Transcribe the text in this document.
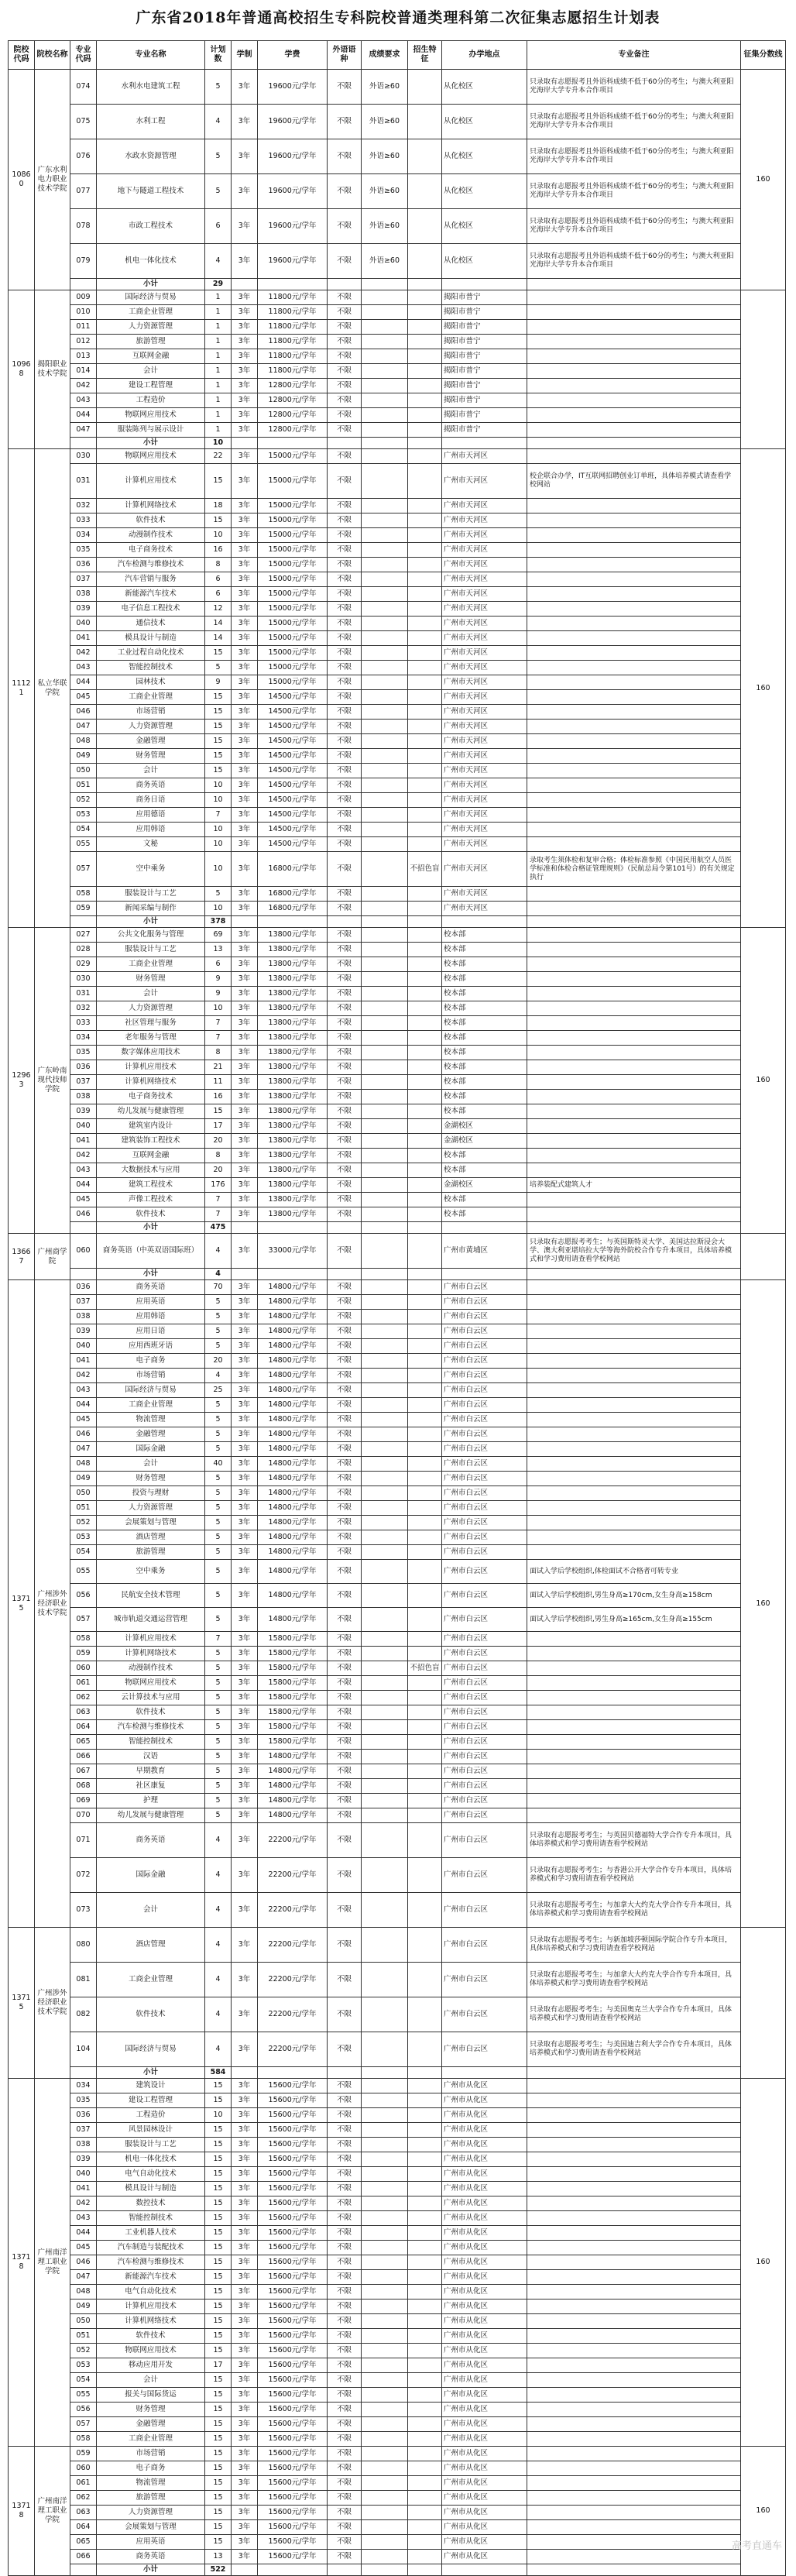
广东省2018年普通高校招生专科院校普通类理科第二次征集志愿招生计划表
院校代码	院校名称	专业代码	专业名称	计划数	学制	学费	外语语种	成绩要求	招生特征	办学地点	专业备注	征集分数线
10860	广东水利电力职业技术学院	074	水利水电建筑工程	5	3年	19600元/学年	不限	外语≥60		从化校区	只录取有志愿报考且外语科成绩不低于60分的考生；与澳大利亚阳光海岸大学专升本合作项目	160
		075	水利工程	4	3年	19600元/学年	不限	外语≥60		从化校区	只录取有志愿报考且外语科成绩不低于60分的考生；与澳大利亚阳光海岸大学专升本合作项目	
		076	水政水资源管理	5	3年	19600元/学年	不限	外语≥60		从化校区	只录取有志愿报考且外语科成绩不低于60分的考生；与澳大利亚阳光海岸大学专升本合作项目	
		077	地下与隧道工程技术	5	3年	19600元/学年	不限	外语≥60		从化校区	只录取有志愿报考且外语科成绩不低于60分的考生；与澳大利亚阳光海岸大学专升本合作项目	
		078	市政工程技术	6	3年	19600元/学年	不限	外语≥60		从化校区	只录取有志愿报考且外语科成绩不低于60分的考生；与澳大利亚阳光海岸大学专升本合作项目	
		079	机电一体化技术	4	3年	19600元/学年	不限	外语≥60		从化校区	只录取有志愿报考且外语科成绩不低于60分的考生；与澳大利亚阳光海岸大学专升本合作项目	
			小计	29								
10968	揭阳职业技术学院	009	国际经济与贸易	1	3年	11800元/学年	不限			揭阳市普宁		
		010	工商企业管理	1	3年	11800元/学年	不限			揭阳市普宁		
		011	人力资源管理	1	3年	11800元/学年	不限			揭阳市普宁		
		012	旅游管理	1	3年	11800元/学年	不限			揭阳市普宁		
		013	互联网金融	1	3年	11800元/学年	不限			揭阳市普宁		
		014	会计	1	3年	11800元/学年	不限			揭阳市普宁		
		042	建设工程管理	1	3年	12800元/学年	不限			揭阳市普宁		
		043	工程造价	1	3年	12800元/学年	不限			揭阳市普宁		
		044	物联网应用技术	1	3年	12800元/学年	不限			揭阳市普宁		
		047	服装陈列与展示设计	1	3年	12800元/学年	不限			揭阳市普宁		
			小计	10								
11121	私立华联学院	030	物联网应用技术	22	3年	15000元/学年	不限			广州市天河区		160
		031	计算机应用技术	15	3年	15000元/学年	不限			广州市天河区	校企联合办学，IT互联网招聘创业订单班，具体培养模式请查看学校网站	
		032	计算机网络技术	18	3年	15000元/学年	不限			广州市天河区		
		033	软件技术	15	3年	15000元/学年	不限			广州市天河区		
		034	动漫制作技术	10	3年	15000元/学年	不限			广州市天河区		
		035	电子商务技术	16	3年	15000元/学年	不限			广州市天河区		
		036	汽车检测与维修技术	8	3年	15000元/学年	不限			广州市天河区		
		037	汽车营销与服务	6	3年	15000元/学年	不限			广州市天河区		
		038	新能源汽车技术	6	3年	15000元/学年	不限			广州市天河区		
		039	电子信息工程技术	12	3年	15000元/学年	不限			广州市天河区		
		040	通信技术	14	3年	15000元/学年	不限			广州市天河区		
		041	模具设计与制造	14	3年	15000元/学年	不限			广州市天河区		
		042	工业过程自动化技术	15	3年	15000元/学年	不限			广州市天河区		
		043	智能控制技术	5	3年	15000元/学年	不限			广州市天河区		
		044	园林技术	9	3年	15000元/学年	不限			广州市天河区		
		045	工商企业管理	15	3年	14500元/学年	不限			广州市天河区		
		046	市场营销	15	3年	14500元/学年	不限			广州市天河区		
		047	人力资源管理	15	3年	14500元/学年	不限			广州市天河区		
		048	金融管理	15	3年	14500元/学年	不限			广州市天河区		
		049	财务管理	15	3年	14500元/学年	不限			广州市天河区		
		050	会计	15	3年	14500元/学年	不限			广州市天河区		
		051	商务英语	10	3年	14500元/学年	不限			广州市天河区		
		052	商务日语	10	3年	14500元/学年	不限			广州市天河区		
		053	应用德语	7	3年	14500元/学年	不限			广州市天河区		
		054	应用韩语	10	3年	14500元/学年	不限			广州市天河区		
		055	文秘	10	3年	14500元/学年	不限			广州市天河区		
		057	空中乘务	10	3年	16800元/学年	不限		不招色盲	广州市天河区	录取考生须体检和复审合格；体检标准参照《中国民用航空人员医学标准和体检合格证管理规则》（民航总局令第101号）的有关规定执行	
		058	服装设计与工艺	5	3年	16800元/学年	不限			广州市天河区		
		059	新闻采编与制作	10	3年	16800元/学年	不限			广州市天河区		
			小计	378								
12963	广东岭南现代技师学院	027	公共文化服务与管理	69	3年	13800元/学年	不限			校本部		160
		028	服装设计与工艺	13	3年	13800元/学年	不限			校本部		
		029	工商企业管理	6	3年	13800元/学年	不限			校本部		
		030	财务管理	9	3年	13800元/学年	不限			校本部		
		031	会计	9	3年	13800元/学年	不限			校本部		
		032	人力资源管理	10	3年	13800元/学年	不限			校本部		
		033	社区管理与服务	7	3年	13800元/学年	不限			校本部		
		034	老年服务与管理	7	3年	13800元/学年	不限			校本部		
		035	数字媒体应用技术	8	3年	13800元/学年	不限			校本部		
		036	计算机应用技术	21	3年	13800元/学年	不限			校本部		
		037	计算机网络技术	11	3年	13800元/学年	不限			校本部		
		038	电子商务技术	16	3年	13800元/学年	不限			校本部		
		039	幼儿发展与健康管理	15	3年	13800元/学年	不限			校本部		
		040	建筑室内设计	17	3年	13800元/学年	不限			金湖校区		
		041	建筑装饰工程技术	20	3年	13800元/学年	不限			金湖校区		
		042	互联网金融	8	3年	13800元/学年	不限			校本部		
		043	大数据技术与应用	20	3年	13800元/学年	不限			校本部		
		044	建筑工程技术	176	3年	13800元/学年	不限			金湖校区	培养装配式建筑人才	
		045	声像工程技术	7	3年	13800元/学年	不限			校本部		
		046	软件技术	7	3年	13800元/学年	不限			校本部		
			小计	475								
13667	广州商学院	060	商务英语（中英双语国际班）	4	3年	33000元/学年	不限			广州市黄埔区	只录取有志愿报考考生；与英国斯特灵大学、美国达拉斯浸会大学、澳大利亚堪培拉大学等海外院校合作专升本项目，具体培养模式和学习费用请查看学校网站	
			小计	4								
13715	广州涉外经济职业技术学院	036	商务英语	70	3年	14800元/学年	不限			广州市白云区		160
		037	应用英语	5	3年	14800元/学年	不限			广州市白云区		
		038	应用韩语	5	3年	14800元/学年	不限			广州市白云区		
		039	应用日语	5	3年	14800元/学年	不限			广州市白云区		
		040	应用西班牙语	5	3年	14800元/学年	不限			广州市白云区		
		041	电子商务	20	3年	14800元/学年	不限			广州市白云区		
		042	市场营销	4	3年	14800元/学年	不限			广州市白云区		
		043	国际经济与贸易	25	3年	14800元/学年	不限			广州市白云区		
		044	工商企业管理	5	3年	14800元/学年	不限			广州市白云区		
		045	物流管理	5	3年	14800元/学年	不限			广州市白云区		
		046	金融管理	5	3年	14800元/学年	不限			广州市白云区		
		047	国际金融	5	3年	14800元/学年	不限			广州市白云区		
		048	会计	40	3年	14800元/学年	不限			广州市白云区		
		049	财务管理	5	3年	14800元/学年	不限			广州市白云区		
		050	投资与理财	5	3年	14800元/学年	不限			广州市白云区		
		051	人力资源管理	5	3年	14800元/学年	不限			广州市白云区		
		052	会展策划与管理	5	3年	14800元/学年	不限			广州市白云区		
		053	酒店管理	5	3年	14800元/学年	不限			广州市白云区		
		054	旅游管理	5	3年	14800元/学年	不限			广州市白云区		
		055	空中乘务	5	3年	14800元/学年	不限			广州市白云区	面试入学后学校组织,体检面试不合格者可转专业	
		056	民航安全技术管理	5	3年	14800元/学年	不限			广州市白云区	面试入学后学校组织,男生身高≥170cm,女生身高≥158cm	
		057	城市轨道交通运营管理	5	3年	14800元/学年	不限			广州市白云区	面试入学后学校组织,男生身高≥165cm,女生身高≥155cm	
		058	计算机应用技术	7	3年	15800元/学年	不限			广州市白云区		
		059	计算机网络技术	5	3年	15800元/学年	不限			广州市白云区		
		060	动漫制作技术	5	3年	15800元/学年	不限		不招色盲	广州市白云区		
		061	物联网应用技术	5	3年	15800元/学年	不限			广州市白云区		
		062	云计算技术与应用	5	3年	15800元/学年	不限			广州市白云区		
		063	软件技术	5	3年	15800元/学年	不限			广州市白云区		
		064	汽车检测与维修技术	5	3年	15800元/学年	不限			广州市白云区		
		065	智能控制技术	5	3年	15800元/学年	不限			广州市白云区		
		066	汉语	5	3年	14800元/学年	不限			广州市白云区		
		067	早期教育	5	3年	14800元/学年	不限			广州市白云区		
		068	社区康复	5	3年	14800元/学年	不限			广州市白云区		
		069	护理	5	3年	14800元/学年	不限			广州市白云区		
		070	幼儿发展与健康管理	5	3年	14800元/学年	不限			广州市白云区		
		071	商务英语	4	3年	22200元/学年	不限			广州市白云区	只录取有志愿报考考生；与英国贝德福特大学合作专升本项目，具体培养模式和学习费用请查看学校网站	
		072	国际金融	4	3年	22200元/学年	不限			广州市白云区	只录取有志愿报考考生；与香港公开大学合作专升本项目，具体培养模式和学习费用请查看学校网站	
		073	会计	4	3年	22200元/学年	不限			广州市白云区	只录取有志愿报考考生；与加拿大大约克大学合作专升本项目，具体培养模式和学习费用请查看学校网站	
13715	广州涉外经济职业技术学院	080	酒店管理	4	3年	22200元/学年	不限			广州市白云区	只录取有志愿报考考生；与新加坡莎顿国际学院合作专升本项目，具体培养模式和学习费用请查看学校网站	
		081	工商企业管理	4	3年	22200元/学年	不限			广州市白云区	只录取有志愿报考考生；与加拿大大约克大学合作专升本项目，具体培养模式和学习费用请查看学校网站	
		082	软件技术	4	3年	22200元/学年	不限			广州市白云区	只录取有志愿报考考生；与美国奥克兰大学合作专升本项目，具体培养模式和学习费用请查看学校网站	
		104	国际经济与贸易	4	3年	22200元/学年	不限			广州市白云区	只录取有志愿报考考生；与美国迪吉利大学合作专升本项目，具体培养模式和学习费用请查看学校网站	
			小计	584								
13718	广州南洋理工职业学院	034	建筑设计	15	3年	15600元/学年	不限			广州市从化区		160
		035	建设工程管理	15	3年	15600元/学年	不限			广州市从化区		
		036	工程造价	10	3年	15600元/学年	不限			广州市从化区		
		037	风景园林设计	15	3年	15600元/学年	不限			广州市从化区		
		038	服装设计与工艺	15	3年	15600元/学年	不限			广州市从化区		
		039	机电一体化技术	15	3年	15600元/学年	不限			广州市从化区		
		040	电气自动化技术	15	3年	15600元/学年	不限			广州市从化区		
		041	模具设计与制造	15	3年	15600元/学年	不限			广州市从化区		
		042	数控技术	15	3年	15600元/学年	不限			广州市从化区		
		043	智能控制技术	15	3年	15600元/学年	不限			广州市从化区		
		044	工业机器人技术	15	3年	15600元/学年	不限			广州市从化区		
		045	汽车制造与装配技术	15	3年	15600元/学年	不限			广州市从化区		
		046	汽车检测与维修技术	15	3年	15600元/学年	不限			广州市从化区		
		047	新能源汽车技术	15	3年	15600元/学年	不限			广州市从化区		
		048	电气自动化技术	15	3年	15600元/学年	不限			广州市从化区		
		049	计算机应用技术	15	3年	15600元/学年	不限			广州市从化区		
		050	计算机网络技术	15	3年	15600元/学年	不限			广州市从化区		
		051	软件技术	15	3年	15600元/学年	不限			广州市从化区		
		052	物联网应用技术	15	3年	15600元/学年	不限			广州市从化区		
		053	移动应用开发	17	3年	15600元/学年	不限			广州市从化区		
		054	会计	15	3年	15600元/学年	不限			广州市从化区		
		055	报关与国际货运	15	3年	15600元/学年	不限			广州市从化区		
		056	财务管理	15	3年	15600元/学年	不限			广州市从化区		
		057	金融管理	15	3年	15600元/学年	不限			广州市从化区		
		058	工商企业管理	15	3年	15600元/学年	不限			广州市从化区		
13718	广州南洋理工职业学院	059	市场营销	15	3年	15600元/学年	不限			广州市从化区		160
		060	电子商务	15	3年	15600元/学年	不限			广州市从化区		
		061	物流管理	15	3年	15600元/学年	不限			广州市从化区		
		062	旅游管理	15	3年	15600元/学年	不限			广州市从化区		
		063	人力资源管理	15	3年	15600元/学年	不限			广州市从化区		
		064	会展策划与管理	15	3年	15600元/学年	不限			广州市从化区		
		065	应用英语	15	3年	15600元/学年	不限			广州市从化区		
		066	商务英语	13	3年	15600元/学年	不限			广州市从化区		
			小计	522								
高考直通车
